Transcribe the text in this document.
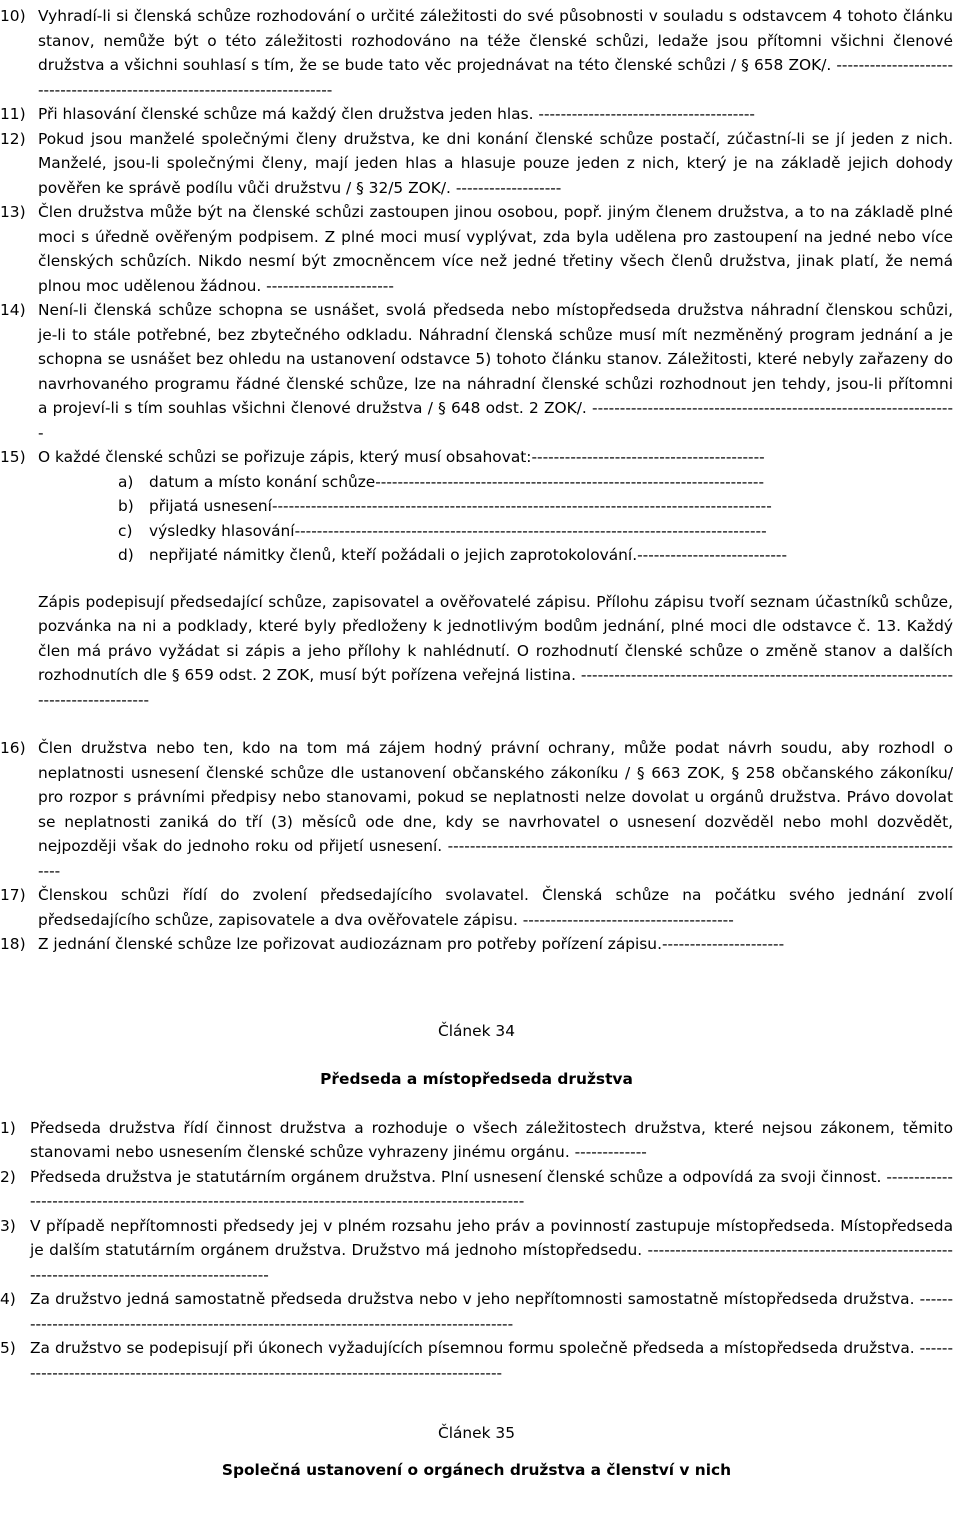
10) Vyhradí-li si členská schůze rozhodování o určité záležitosti do své působnosti v souladu s odstavcem 4 tohoto článku stanov, nemůže být o této záležitosti rozhodováno na téže členské schůzi, ledaže jsou přítomni všichni členové družstva a všichni souhlasí s tím, že se bude tato věc projednávat na této členské schůzi / § 658 ZOK/. --------------------------------------------------------------------------
11) Při hlasování členské schůze má každý člen družstva jeden hlas. ---------------------------------------
12) Pokud jsou manželé společnými členy družstva, ke dni konání členské schůze postačí, zúčastní-li se jí jeden z nich. Manželé, jsou-li společnými členy, mají jeden hlas a hlasuje pouze jeden z nich, který je na základě jejich dohody pověřen ke správě podílu vůči družstvu / § 32/5 ZOK/. -------------------
13) Člen družstva může být na členské schůzi zastoupen jinou osobou, popř. jiným členem družstva, a to na základě plné moci s úředně ověřeným podpisem. Z plné moci musí vyplývat, zda byla udělena pro zastoupení na jedné nebo více členských schůzích. Nikdo nesmí být zmocněncem více než jedné třetiny všech členů družstva, jinak platí, že nemá plnou moc udělenou žádnou. -----------------------
14) Není-li členská schůze schopna se usnášet, svolá předseda nebo místopředseda družstva náhradní členskou schůzi, je-li to stále potřebné, bez zbytečného odkladu. Náhradní členská schůze musí mít nezměněný program jednání a je schopna se usnášet bez ohledu na ustanovení odstavce 5) tohoto článku stanov. Záležitosti, které nebyly zařazeny do navrhovaného programu řádné členské schůze, lze na náhradní členské schůzi rozhodnout jen tehdy, jsou-li přítomni a projeví-li s tím souhlas všichni členové družstva / § 648 odst. 2 ZOK/. ------------------------------------------------------------------
15) O každé členské schůzi se pořizuje zápis, který musí obsahovat:------------------------------------------
a)	datum a místo konání schůze----------------------------------------------------------------------
b) přijatá usnesení------------------------------------------------------------------------------------------
c)	výsledky hlasování-------------------------------------------------------------------------------------
d) nepřijaté námitky členů, kteří požádali o jejich zaprotokolování.---------------------------

Zápis podepisují předsedající schůze, zapisovatel a ověřovatelé zápisu. Přílohu zápisu tvoří seznam účastníků schůze, pozvánka na ni a podklady, které byly předloženy k jednotlivým bodům jednání, plné moci dle odstavce č. 13. Každý člen má právo vyžádat si zápis a jeho přílohy k nahlédnutí. O rozhodnutí členské schůze o změně stanov a dalších rozhodnutích dle § 659 odst. 2 ZOK, musí být pořízena veřejná listina. ---------------------------------------------------------------------------------------

16) Člen družstva nebo ten, kdo na tom má zájem hodný právní ochrany, může podat návrh soudu, aby rozhodl o neplatnosti usnesení členské schůze dle ustanovení občanského zákoníku / § 663 ZOK, § 258 občanského zákoníku/ pro rozpor s právními předpisy nebo stanovami, pokud se neplatnosti nelze dovolat u orgánů družstva. Právo dovolat se neplatnosti zaniká do tří (3) měsíců ode dne, kdy se navrhovatel o usnesení dozvěděl nebo mohl dozvědět, nejpozději však do jednoho roku od přijetí usnesení. -----------------------------------------------------------------------------------------------
17) Členskou schůzi řídí do zvolení předsedajícího svolavatel. Členská schůze na počátku svého jednání zvolí předsedajícího schůze, zapisovatele a dva ověřovatele zápisu. --------------------------------------
18) Z jednání členské schůze lze pořizovat audiozáznam pro potřeby pořízení zápisu.----------------------

Článek 34

Předseda a místopředseda družstva

1) Předseda družstva řídí činnost družstva a rozhoduje o všech záležitostech družstva, které nejsou zákonem, těmito stanovami nebo usnesením členské schůze vyhrazeny jinému orgánu. -------------
2) Předseda družstva je statutárním orgánem družstva. Plní usnesení členské schůze a odpovídá za svoji činnost. -----------------------------------------------------------------------------------------------------
3) V případě nepřítomnosti předsedy jej v plném rozsahu jeho práv a povinností zastupuje místopředseda. Místopředseda je dalším statutárním orgánem družstva. Družstvo má jednoho místopředsedu. --------------------------------------------------------------------------------------------------
4) Za družstvo jedná samostatně předseda družstva nebo v jeho nepřítomnosti samostatně místopředseda družstva. ---------------------------------------------------------------------------------------------
5) Za družstvo se podepisují při úkonech vyžadujících písemnou formu společně předseda a místopředseda družstva. -------------------------------------------------------------------------------------------

Článek 35

Společná ustanovení o orgánech družstva a členství v nich
